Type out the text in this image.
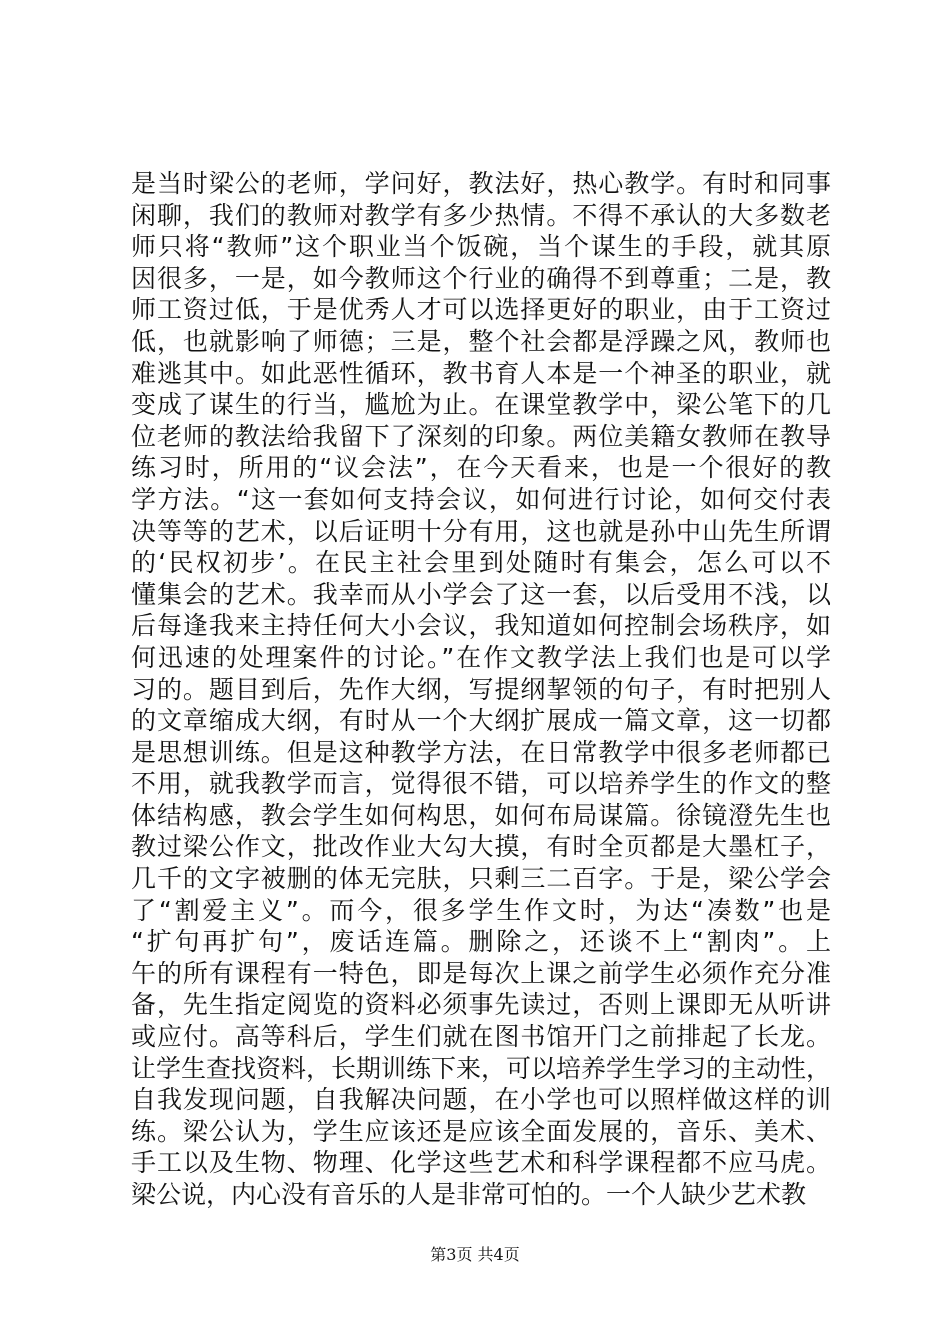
是当时梁公的老师，学问好，教法好，热心教学。有时和同事
闲聊，我们的教师对教学有多少热情。不得不承认的大多数老
师只将“教师”这个职业当个饭碗，当个谋生的手段，就其原
因很多，一是，如今教师这个行业的确得不到尊重；二是，教
师工资过低，于是优秀人才可以选择更好的职业，由于工资过
低，也就影响了师德；三是，整个社会都是浮躁之风，教师也
难逃其中。如此恶性循环，教书育人本是一个神圣的职业，就
变成了谋生的行当，尴尬为止。在课堂教学中，梁公笔下的几
位老师的教法给我留下了深刻的印象。两位美籍女教师在教导
练习时，所用的“议会法”，在今天看来，也是一个很好的教
学方法。“这一套如何支持会议，如何进行讨论，如何交付表
决等等的艺术，以后证明十分有用，这也就是孙中山先生所谓
的‘民权初步’。在民主社会里到处随时有集会，怎么可以不
懂集会的艺术。我幸而从小学会了这一套，以后受用不浅，以
后每逢我来主持任何大小会议，我知道如何控制会场秩序，如
何迅速的处理案件的讨论。”在作文教学法上我们也是可以学
习的。题目到后，先作大纲，写提纲挈领的句子，有时把别人
的文章缩成大纲，有时从一个大纲扩展成一篇文章，这一切都
是思想训练。但是这种教学方法，在日常教学中很多老师都已
不用，就我教学而言，觉得很不错，可以培养学生的作文的整
体结构感，教会学生如何构思，如何布局谋篇。徐镜澄先生也
教过梁公作文，批改作业大勾大摸，有时全页都是大墨杠子，
几千的文字被删的体无完肤，只剩三二百字。于是，梁公学会
了“割爱主义”。而今，很多学生作文时，为达“凑数”也是
“扩句再扩句”，废话连篇。删除之，还谈不上“割肉”。上
午的所有课程有一特色，即是每次上课之前学生必须作充分准
备，先生指定阅览的资料必须事先读过，否则上课即无从听讲
或应付。高等科后，学生们就在图书馆开门之前排起了长龙。
让学生查找资料，长期训练下来，可以培养学生学习的主动性，
自我发现问题，自我解决问题，在小学也可以照样做这样的训
练。梁公认为，学生应该还是应该全面发展的，音乐、美术、
手工以及生物、物理、化学这些艺术和科学课程都不应马虎。
梁公说，内心没有音乐的人是非常可怕的。一个人缺少艺术教
第3页 共4页
